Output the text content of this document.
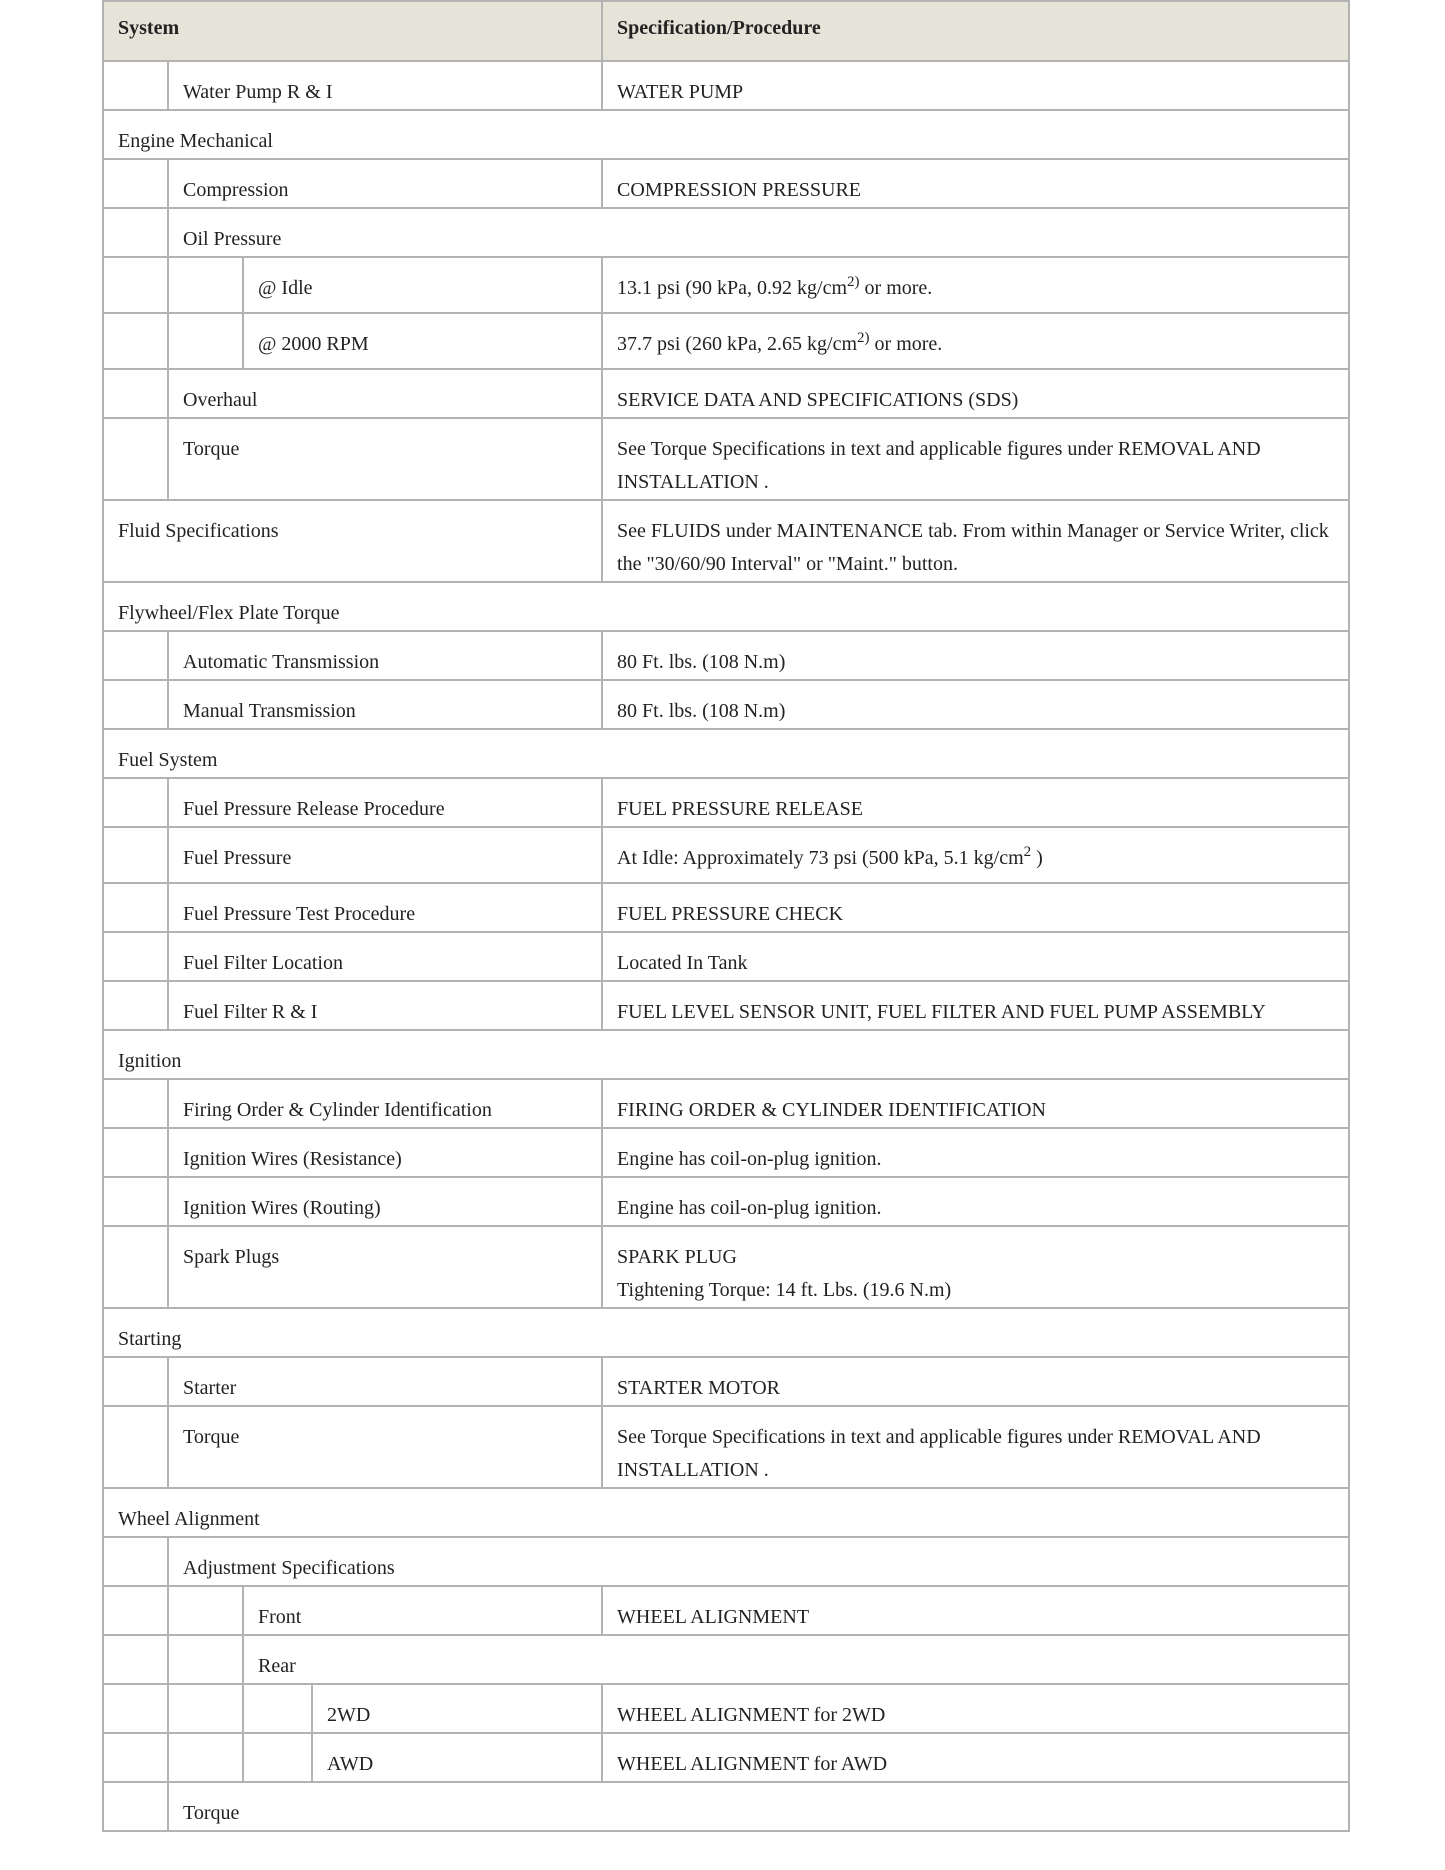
System				Specification/Procedure
	Water Pump R & I			WATER PUMP
Engine Mechanical				
	Compression			COMPRESSION PRESSURE
	Oil Pressure			
		@ Idle		13.1 psi (90 kPa, 0.92 $kg/cm^{2)}$ or more.
		@ 2000 RPM		37.7 psi (260 kPa, 2.65 $kg/cm^{2)}$ or more.
	Overhaul			SERVICE DATA AND SPECIFICATIONS (SDS)
	Torque			See Torque Specifications in text and applicable figures under REMOVAL AND INSTALLATION .
Fluid Specifications				See FLUIDS under MAINTENANCE tab. From within Manager or Service Writer, click the "30/60/90 Interval" or "Maint." button.
Flywheel/Flex Plate Torque				
	Automatic Transmission			80 Ft. lbs. (108 N.m)
	Manual Transmission			80 Ft. lbs. (108 N.m)
Fuel System				
	Fuel Pressure Release Procedure			FUEL PRESSURE RELEASE
	Fuel Pressure			At Idle: Approximately 73 psi (500 kPa, 5.1 $kg/cm^2$ )
	Fuel Pressure Test Procedure			FUEL PRESSURE CHECK
	Fuel Filter Location			Located In Tank
	Fuel Filter R & I			FUEL LEVEL SENSOR UNIT, FUEL FILTER AND FUEL PUMP ASSEMBLY
Ignition				
	Firing Order & Cylinder Identification			FIRING ORDER & CYLINDER IDENTIFICATION
	Ignition Wires (Resistance)			Engine has coil-on-plug ignition.
	Ignition Wires (Routing)			Engine has coil-on-plug ignition.
	Spark Plugs			SPARK PLUG
Tightening Torque: 14 ft. Lbs. (19.6 N.m)

Starting				
	Starter			STARTER MOTOR
	Torque			See Torque Specifications in text and applicable figures under REMOVAL AND INSTALLATION .
Wheel Alignment				
	Adjustment Specifications			
		Front		WHEEL ALIGNMENT
		Rear		
			2WD	WHEEL ALIGNMENT for 2WD
			AWD	WHEEL ALIGNMENT for AWD
	Torque			
